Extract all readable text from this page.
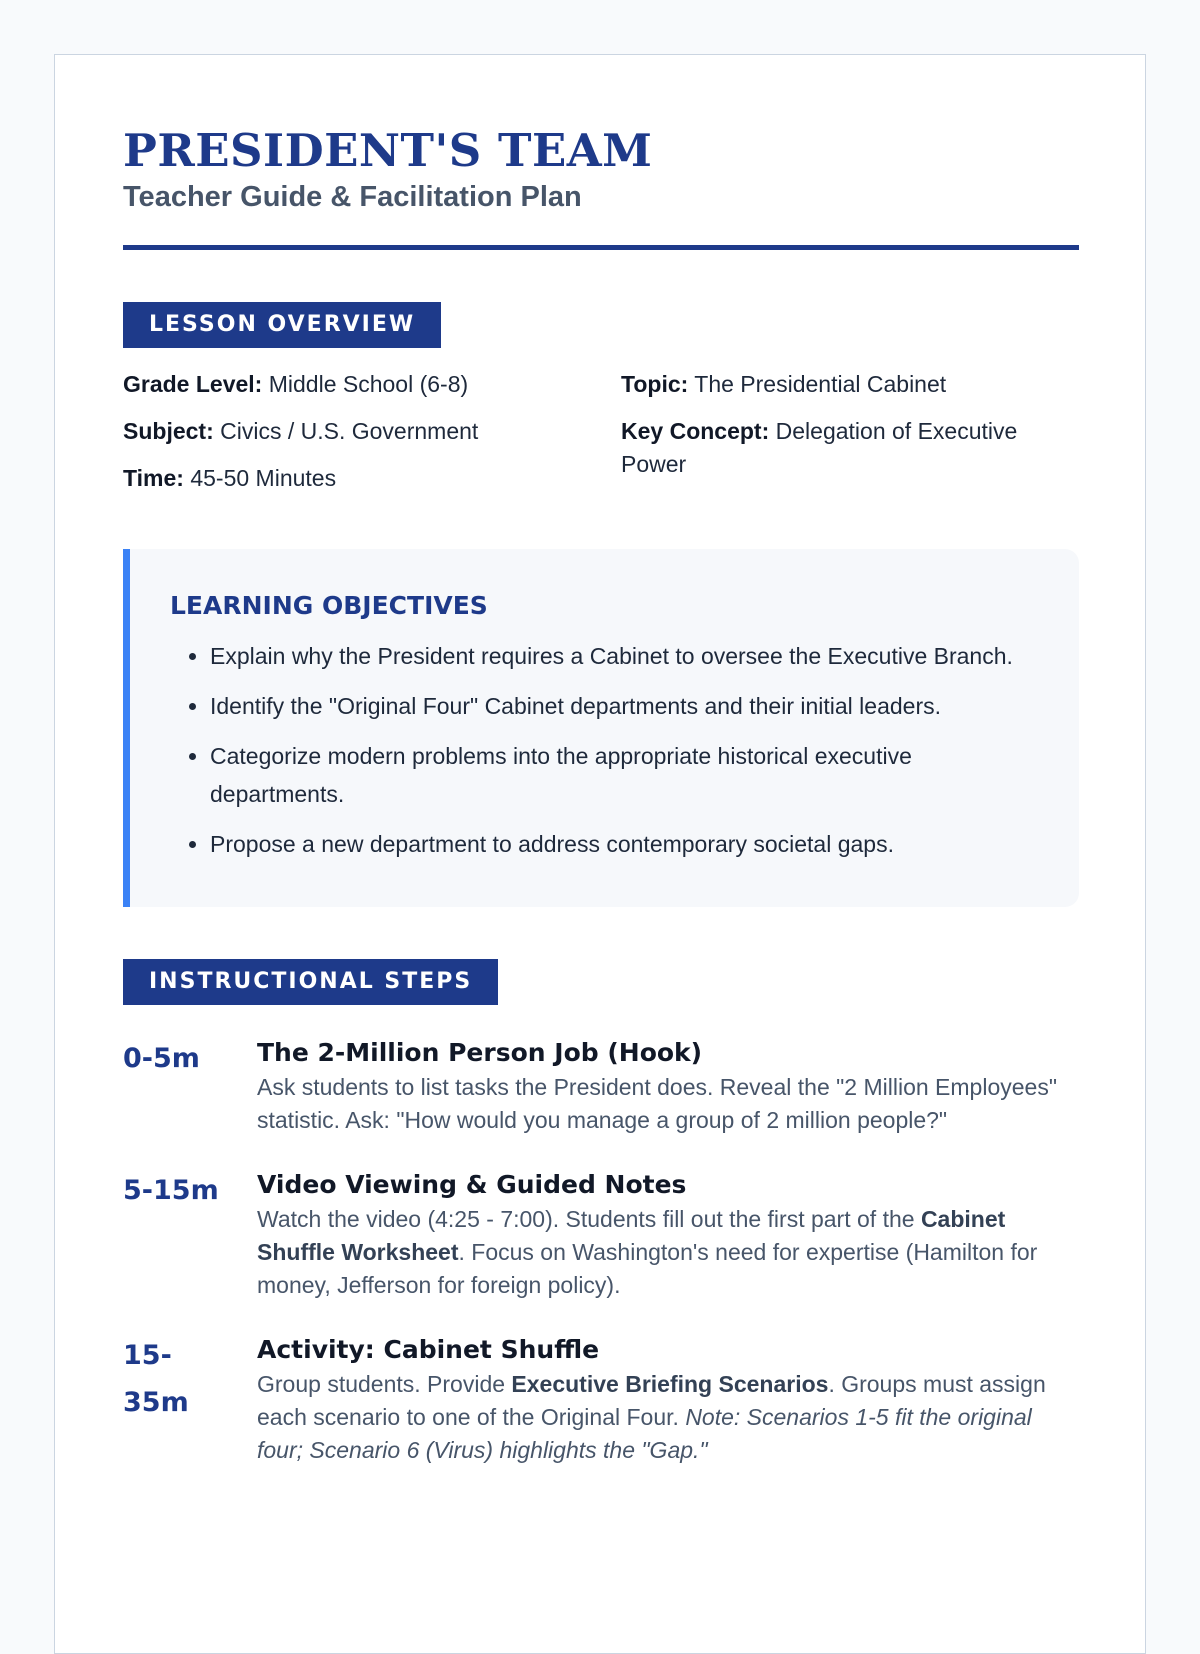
PRESIDENT'S TEAM
Teacher Guide & Facilitation Plan
LESSON OVERVIEW
Grade Level: Middle School (6-8)
Subject: Civics / U.S. Government
Time: 45-50 Minutes
Topic: The Presidential Cabinet
Key Concept: Delegation of Executive Power
LEARNING OBJECTIVES
• Explain why the President requires a Cabinet to oversee the Executive Branch.
• Identify the "Original Four" Cabinet departments and their initial leaders.
• Categorize modern problems into the appropriate historical executive departments.
• Propose a new department to address contemporary societal gaps.
INSTRUCTIONAL STEPS
0-5m	The 2-Million Person Job (Hook)

Ask students to list tasks the President does. Reveal the "2 Million Employees" statistic. Ask: "How would you manage a group of 2 million people?"

5-15m	Video Viewing & Guided Notes

Watch the video (4:25 - 7:00). Students fill out the first part of the Cabinet Shuffle Worksheet. Focus on Washington's need for expertise (Hamilton for money, Jefferson for foreign policy).

15-
35m
Activity: Cabinet Shuffle

Group students. Provide Executive Briefing Scenarios. Groups must assign each scenario to one of the Original Four. Note: Scenarios 1-5 fit the original four; Scenario 6 (Virus) highlights the "Gap."
